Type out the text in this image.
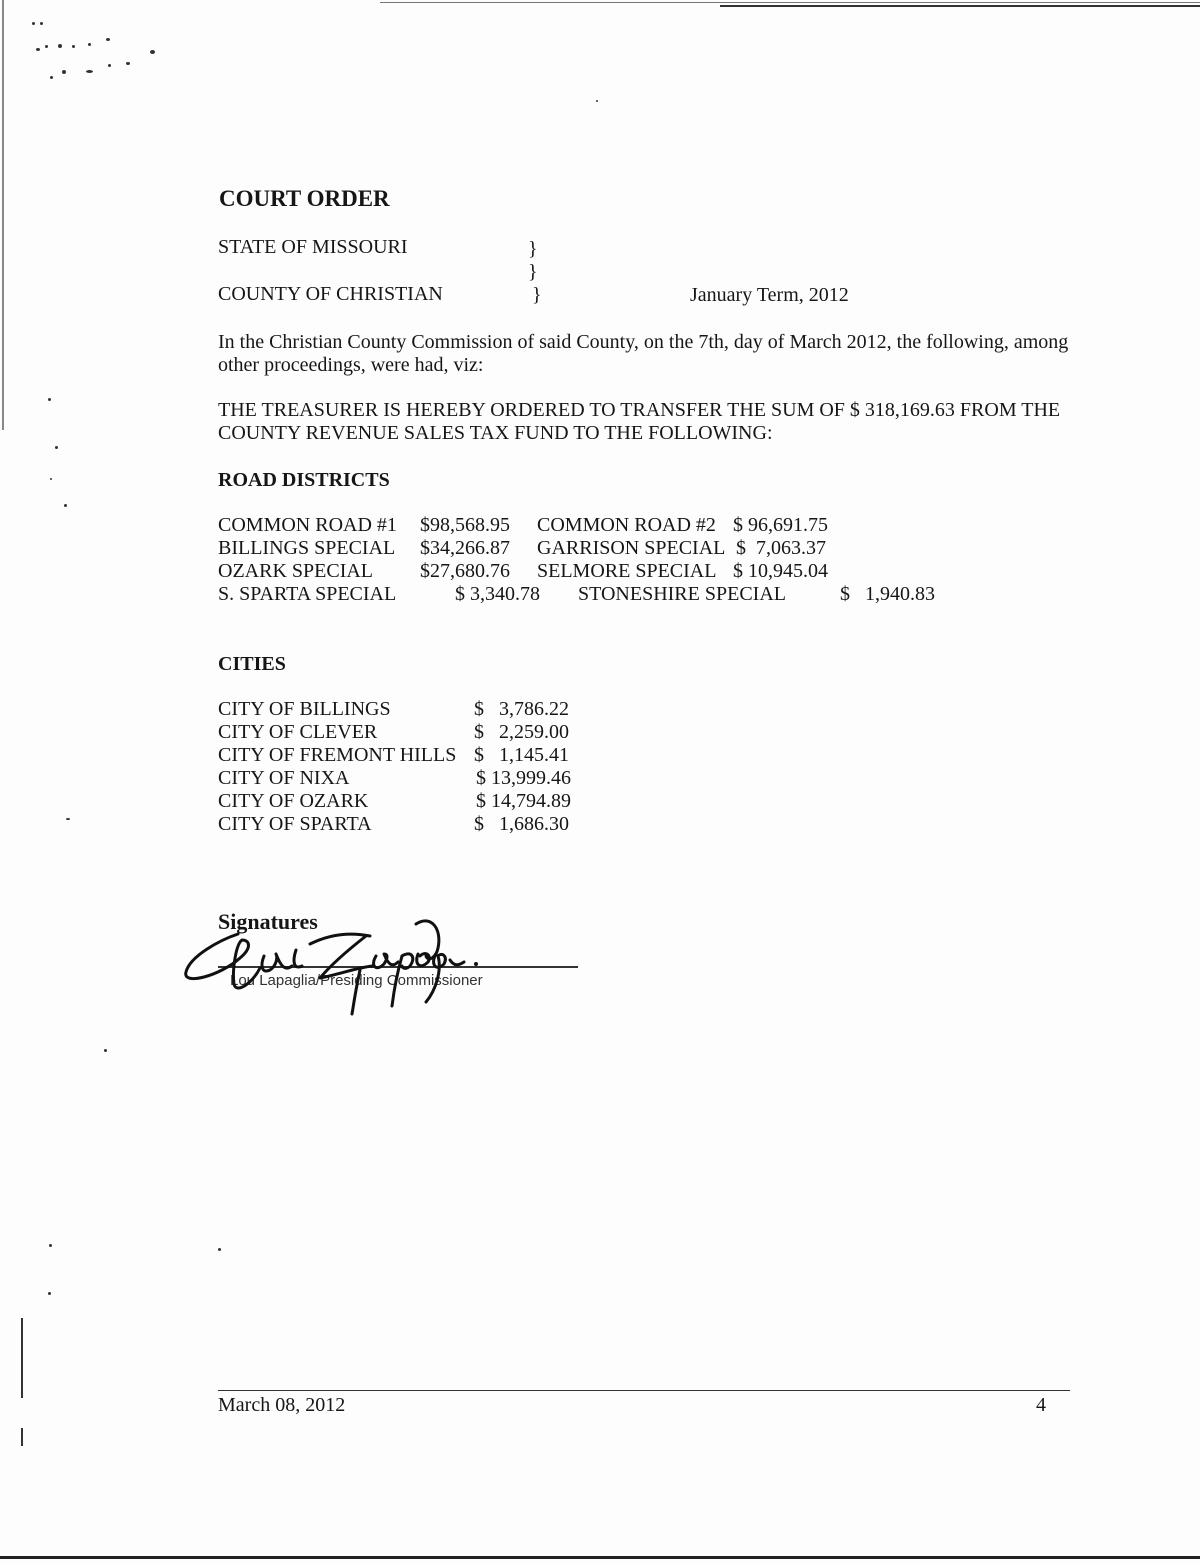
COURT ORDER
STATE OF MISSOURI
COUNTY OF CHRISTIAN
}
}
}	January Term, 2012
In the Christian County Commission of said County, on the 7th, day of March 2012, the following, among
other proceedings, were had, viz:
THE TREASURER IS HEREBY ORDERED TO TRANSFER THE SUM OF $ 318,169.63 FROM THE
COUNTY REVENUE SALES TAX FUND TO THE FOLLOWING:
ROAD DISTRICTS
COMMON ROAD #1 $98,568.95 COMMON ROAD #2 $ 96,691.75
BILLINGS SPECIAL $34,266.87 GARRISON SPECIAL $  7,063.37
OZARK SPECIAL $27,680.76 SELMORE SPECIAL $ 10,945.04
S. SPARTA SPECIAL	$ 3,340.78 STONESHIRE SPECIAL	$   1,940.83
CITIES
CITY OF BILLINGS	$   3,786.22
CITY OF CLEVER	$   2,259.00
CITY OF FREMONT HILLS $   1,145.41
CITY OF NIXA	$ 13,999.46
CITY OF OZARK	$ 14,794.89
CITY OF SPARTA	$   1,686.30
Signatures
Lou Lapaglia/Presiding Commissioner
March 08, 2012	4
